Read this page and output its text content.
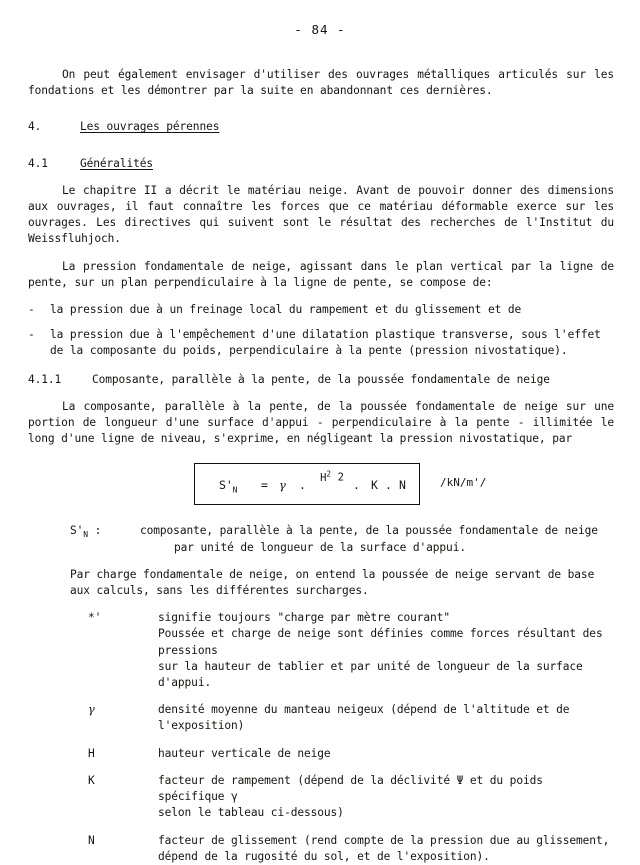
- 84 -

On peut également envisager d'utiliser des ouvrages métalliques articulés sur les fondations et les démontrer par la suite en abandonnant ces dernières.

4.	Les ouvrages pérennes
4.1	Généralités

Le chapitre II a décrit le matériau neige. Avant de pouvoir donner des dimensions aux ouvrages, il faut connaître les forces que ce matériau déformable exerce sur les ouvrages. Les directives qui suivent sont le résultat des recherches de l'Institut du Weissfluhjoch.

La pression fondamentale de neige, agissant dans le plan vertical par la ligne de pente, sur un plan perpendiculaire à la ligne de pente, se compose de:

-	la pression due à un freinage local du rampement et du glissement et de
-	la pression due à l'empêchement d'une dilatation plastique transverse, sous l'effet
de la composante du poids, perpendiculaire à la pente (pression nivostatique).
4.1.1	Composante, parallèle à la pente, de la poussée fondamentale de neige

La composante, parallèle à la pente, de la poussée fondamentale de neige sur une portion de longueur d'une surface d'appui - perpendiculaire à la pente - illimitée le long d'une ligne de niveau, s'exprime, en négligeant la pression nivostatique, par

$S'_N = \gamma$ .
$H^2$ 2
. K . N	/kN/m'/
$S'_N$ :	composante, parallèle à la pente, de la poussée fondamentale de neige
par unité de longueur de la surface d'appui.
Par charge fondamentale de neige, on entend la poussée de neige servant de base aux calculs, sans les différentes surcharges.
*'	signifie toujours "charge par mètre courant"
Poussée et charge de neige sont définies comme forces résultant des pressions
sur la hauteur de tablier et par unité de longueur de la surface d'appui.
γ	densité moyenne du manteau neigeux (dépend de l'altitude et de l'exposition)
H	hauteur verticale de neige
K	facteur de rampement (dépend de la déclivité Ψ et du poids spécifique γ
selon le tableau ci-dessous)
N	facteur de glissement (rend compte de la pression due au glissement,
dépend de la rugosité du sol, et de l'exposition).
